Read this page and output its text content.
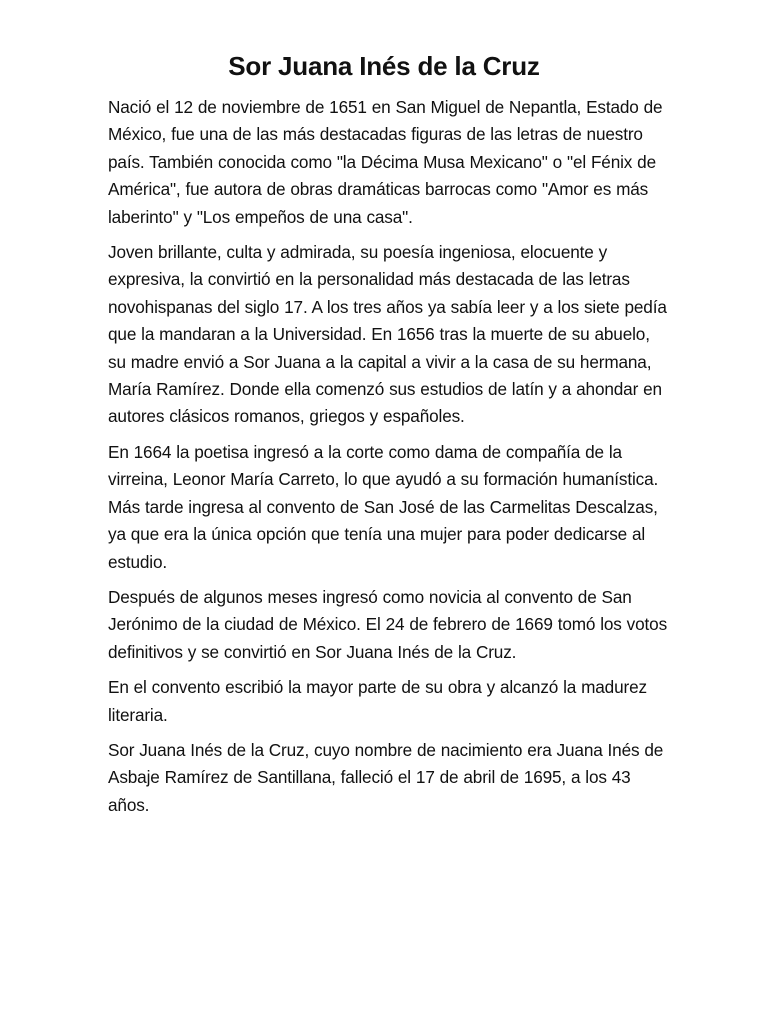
Sor Juana Inés de la Cruz

Nació el 12 de noviembre de 1651 en San Miguel de Nepantla, Estado de México, fue una de las más destacadas figuras de las letras de nuestro país. También conocida como "la Décima Musa Mexicano" o "el Fénix de América", fue autora de obras dramáticas barrocas como "Amor es más laberinto" y "Los empeños de una casa".

Joven brillante, culta y admirada, su poesía ingeniosa, elocuente y expresiva, la convirtió en la personalidad más destacada de las letras novohispanas del siglo 17. A los tres años ya sabía leer y a los siete pedía que la mandaran a la Universidad. En 1656 tras la muerte de su abuelo, su madre envió a Sor Juana a la capital a vivir a la casa de su hermana, María Ramírez. Donde ella comenzó sus estudios de latín y a ahondar en autores clásicos romanos, griegos y españoles.

En 1664 la poetisa ingresó a la corte como dama de compañía de la virreina, Leonor María Carreto, lo que ayudó a su formación humanística. Más tarde ingresa al convento de San José de las Carmelitas Descalzas, ya que era la única opción que tenía una mujer para poder dedicarse al estudio.

Después de algunos meses ingresó como novicia al convento de San Jerónimo de la ciudad de México. El 24 de febrero de 1669 tomó los votos definitivos y se convirtió en Sor Juana Inés de la Cruz.

En el convento escribió la mayor parte de su obra y alcanzó la madurez literaria.

Sor Juana Inés de la Cruz, cuyo nombre de nacimiento era Juana Inés de Asbaje Ramírez de Santillana, falleció el 17 de abril de 1695, a los 43 años.
